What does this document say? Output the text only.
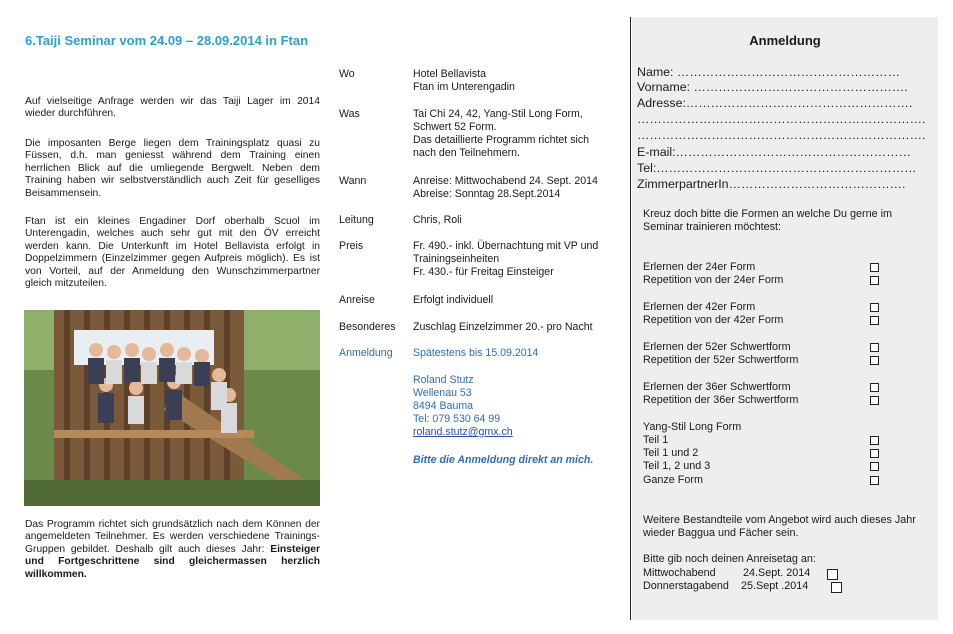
6.Taiji Seminar vom 24.09 – 28.09.2014 in Ftan
Auf vielseitige Anfrage werden wir das Taiji Lager im 2014 wieder durchführen.
Die imposanten Berge liegen dem Trainingsplatz quasi zu Füssen, d.h. man geniesst während dem Training einen herrlichen Blick auf die umliegende Bergwelt. Neben dem Training haben wir selbstverständlich auch Zeit für geselliges Beisammensein.
Ftan ist ein kleines Engadiner Dorf oberhalb Scuol im Unterengadin, welches auch sehr gut mit den ÖV erreicht werden kann. Die Unterkunft im Hotel Bellavista erfolgt in Doppelzimmern (Einzelzimmer gegen Aufpreis möglich). Es ist von Vorteil, auf der Anmeldung den Wunschzimmerpartner gleich mitzuteilen.
Das Programm richtet sich grundsätzlich nach dem Können der angemeldeten Teilnehmer. Es werden verschiedene Trainings-Gruppen gebildet. Deshalb gilt auch dieses Jahr: Einsteiger und Fortgeschrittene sind gleichermassen herzlich willkommen.
Wo	Hotel Bellavista
Ftan im Unterengadin
Was	Tai Chi 24, 42, Yang-Stil Long Form,
Schwert 52 Form.
Das detaillierte Programm richtet sich
nach den Teilnehmern.
Wann	Anreise: Mittwochabend 24. Sept. 2014
Abreise: Sonntag 28.Sept.2014
Leitung	Chris, Roli
Preis	Fr. 490.- inkl. Übernachtung mit VP und
Trainingseinheiten
Fr. 430.- für Freitag Einsteiger
Anreise	Erfolgt individuell
Besonderes Zuschlag Einzelzimmer 20.- pro Nacht
Anmeldung Spätestens bis 15.09.2014
Roland Stutz
Wellenau 53
8494 Bauma
Tel: 079 530 64 99
roland.stutz@gmx.ch
Bitte die Anmeldung direkt an mich.
Anmeldung
Name: ………………………………………………
Vorname: …………………………………………….
Adresse:……………………………………………….
…………………………………………………………….
…………………………………………………………….
E-mail:…………………………………………………
Tel:………………………………………………………
ZimmerpartnerIn…………………………………….
Kreuz doch bitte die Formen an welche Du gerne im Seminar trainieren möchtest:
Erlernen der 24er Form
Repetition von der 24er Form
Erlernen der 42er Form
Repetition von der 42er Form
Erlernen der 52er Schwertform
Repetition der 52er Schwertform
Erlernen der 36er Schwertform
Repetition der 36er Schwertform
Yang-Stil Long Form
Teil 1
Teil 1 und 2
Teil 1, 2 und 3
Ganze Form
Weitere Bestandteile vom Angebot wird auch dieses Jahr wieder Baggua und Fächer sein.
Bitte gib noch deinen Anreisetag an:
Mittwochabend	24.Sept. 2014
Donnerstagabend 25.Sept .2014
